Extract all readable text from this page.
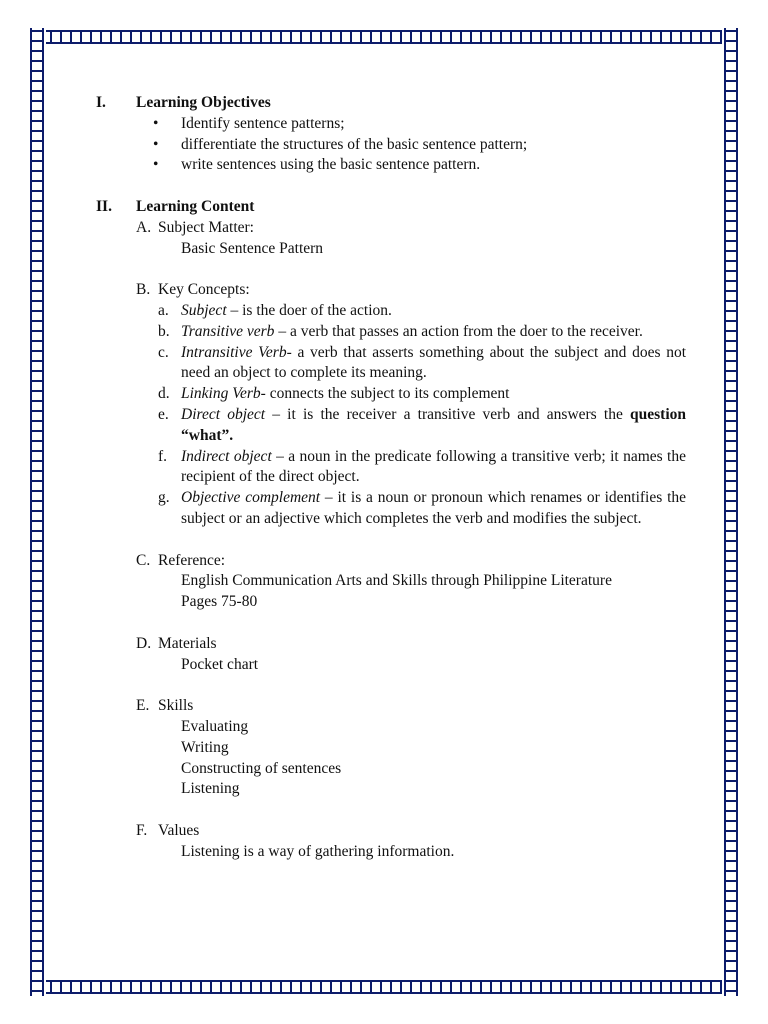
I.	Learning Objectives
• Identify sentence patterns;
• differentiate the structures of the basic sentence pattern;
• write sentences using the basic sentence pattern.
II.	Learning Content
A. Subject Matter:
Basic Sentence Pattern
B. Key Concepts:
a. Subject – is the doer of the action.
b. Transitive verb – a verb that passes an action from the doer to the receiver.
c. Intransitive Verb- a verb that asserts something about the subject and does not need an object to complete its meaning.
d. Linking Verb- connects the subject to its complement
e. Direct object – it is the receiver a transitive verb and answers the question “what”.
f. Indirect object – a noun in the predicate following a transitive verb; it names the recipient of the direct object.
g. Objective complement – it is a noun or pronoun which renames or identifies the subject or an adjective which completes the verb and modifies the subject.
C. Reference:
English Communication Arts and Skills through Philippine Literature
Pages 75-80
D. Materials
Pocket chart
E. Skills
Evaluating
Writing
Constructing of sentences
Listening
F. Values
Listening is a way of gathering information.
